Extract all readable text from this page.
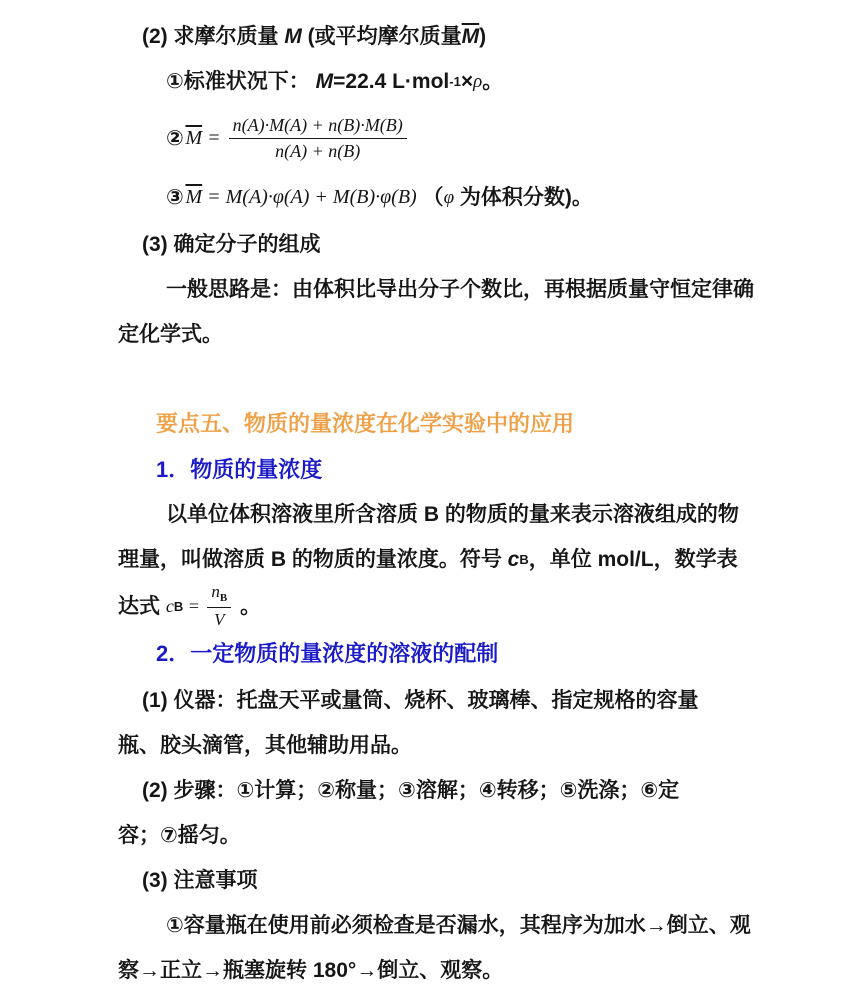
(2) 求摩尔质量 M (或平均摩尔质量 $\overline{M}$ )
①标准状况下： M =22.4 L·mol -1 × ρ 。
②
  $\overline{M} = \frac{n(A)\cdot M(A) + n(B)\cdot M(B)}{n(A) + n(B)}$
③
  $\overline{M} = M(A)\cdot\varphi(A) + M(B)\cdot\varphi(B)$ （ φ 为体积分数)。
(3) 确定分子的组成
一般思路是：由体积比导出分子个数比，再根据质量守恒定律确
定化学式。
要点五、物质的量浓度在化学实验中的应用
1．物质的量浓度
以单位体积溶液里所含溶质 B 的物质的量来表示溶液组成的物
理量，叫做溶质 B 的物质的量浓度。符号 c B ，单位 mol/L，数学表
达式 c $B = \frac{n_B}{V}$ 。
2．一定物质的量浓度的溶液的配制
(1) 仪器：托盘天平或量筒、烧杯、玻璃棒、指定规格的容量
瓶、胶头滴管，其他辅助用品。
(2) 步骤：①计算；②称量；③溶解；④转移；⑤洗涤；⑥定
容；⑦摇匀。
(3) 注意事项
①容量瓶在使用前必须检查是否漏水，其程序为加水→倒立、观
察→正立→瓶塞旋转 180°→倒立、观察。
